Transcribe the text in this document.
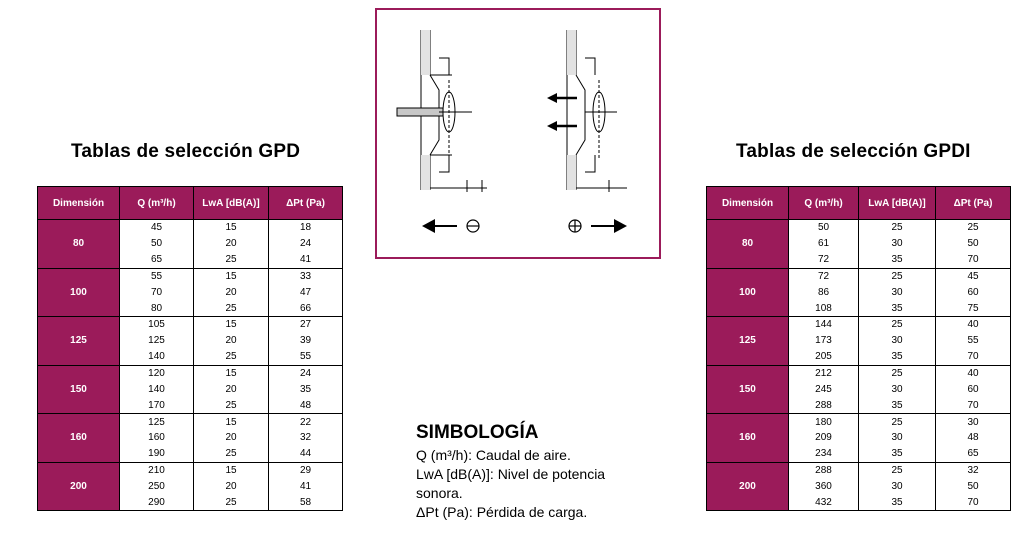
Tablas de selección GPD
Dimensión	Q (m³/h)	LwA [dB(A)]	ΔPt (Pa)
80	45	15	18
	50	20	24
	65	25	41
100	55	15	33
	70	20	47
	80	25	66
125	105	15	27
	125	20	39
	140	25	55
150	120	15	24
	140	20	35
	170	25	48
160	125	15	22
	160	20	32
	190	25	44
200	210	15	29
	250	20	41
	290	25	58
Tablas de selección GPDI
Dimensión	Q (m³/h)	LwA [dB(A)]	ΔPt (Pa)
80	50	25	25
	61	30	50
	72	35	70
100	72	25	45
	86	30	60
	108	35	75
125	144	25	40
	173	30	55
	205	35	70
150	212	25	40
	245	30	60
	288	35	70
160	180	25	30
	209	30	48
	234	35	65
200	288	25	32
	360	30	50
	432	35	70
SIMBOLOGÍA
Q (m³/h): Caudal de aire.
LwA [dB(A)]: Nivel de potencia
sonora.
ΔPt (Pa): Pérdida de carga.
